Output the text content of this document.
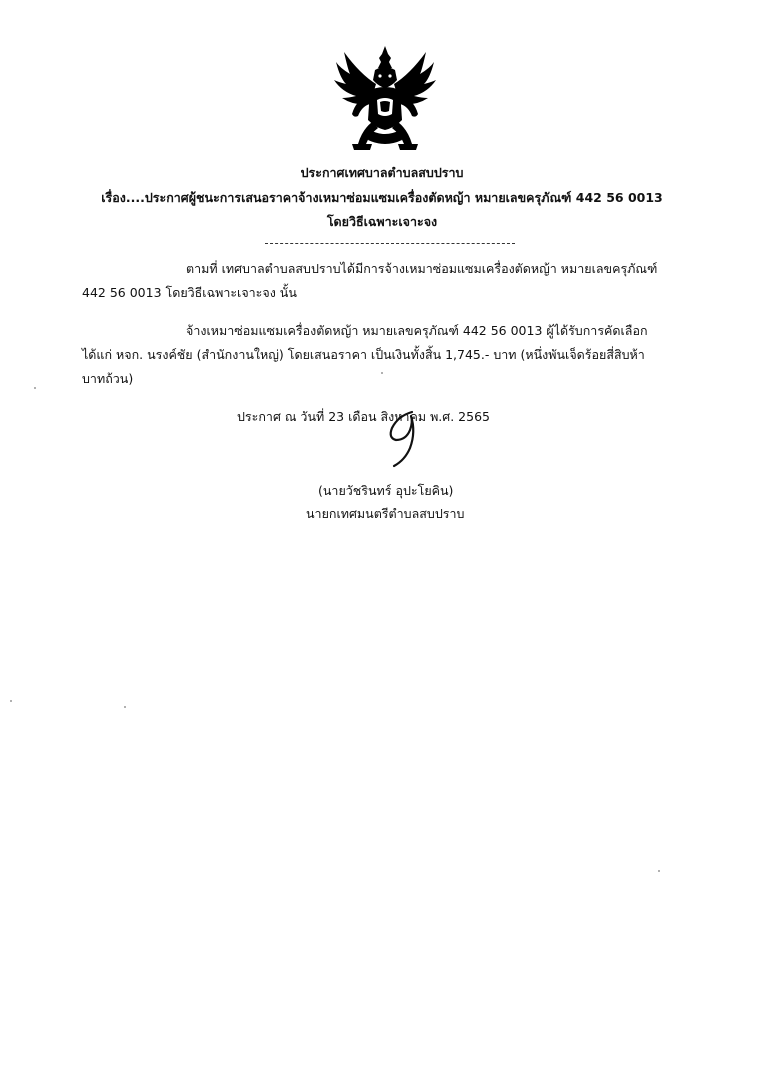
ประกาศเทศบาลตำบลสบปราบ
เรื่อง....ประกาศผู้ชนะการเสนอราคาจ้างเหมาซ่อมแซมเครื่องตัดหญ้า หมายเลขครุภัณฑ์ 442 56 0013
โดยวิธีเฉพาะเจาะจง
ตามที่ เทศบาลตำบลสบปราบได้มีการจ้างเหมาซ่อมแซมเครื่องตัดหญ้า หมายเลขครุภัณฑ์
442 56 0013 โดยวิธีเฉพาะเจาะจง นั้น
จ้างเหมาซ่อมแซมเครื่องตัดหญ้า หมายเลขครุภัณฑ์ 442 56 0013 ผู้ได้รับการคัดเลือก
ได้แก่ หจก. นรงค์ชัย (สำนักงานใหญ่) โดยเสนอราคา เป็นเงินทั้งสิ้น 1,745.- บาท (หนึ่งพันเจ็ดร้อยสี่สิบห้า
บาทถ้วน)
ประกาศ ณ วันที่ 23 เดือน สิงหาคม พ.ศ. 2565
(นายวัชรินทร์ อุปะโยคิน)
นายกเทศมนตรีตำบลสบปราบ
